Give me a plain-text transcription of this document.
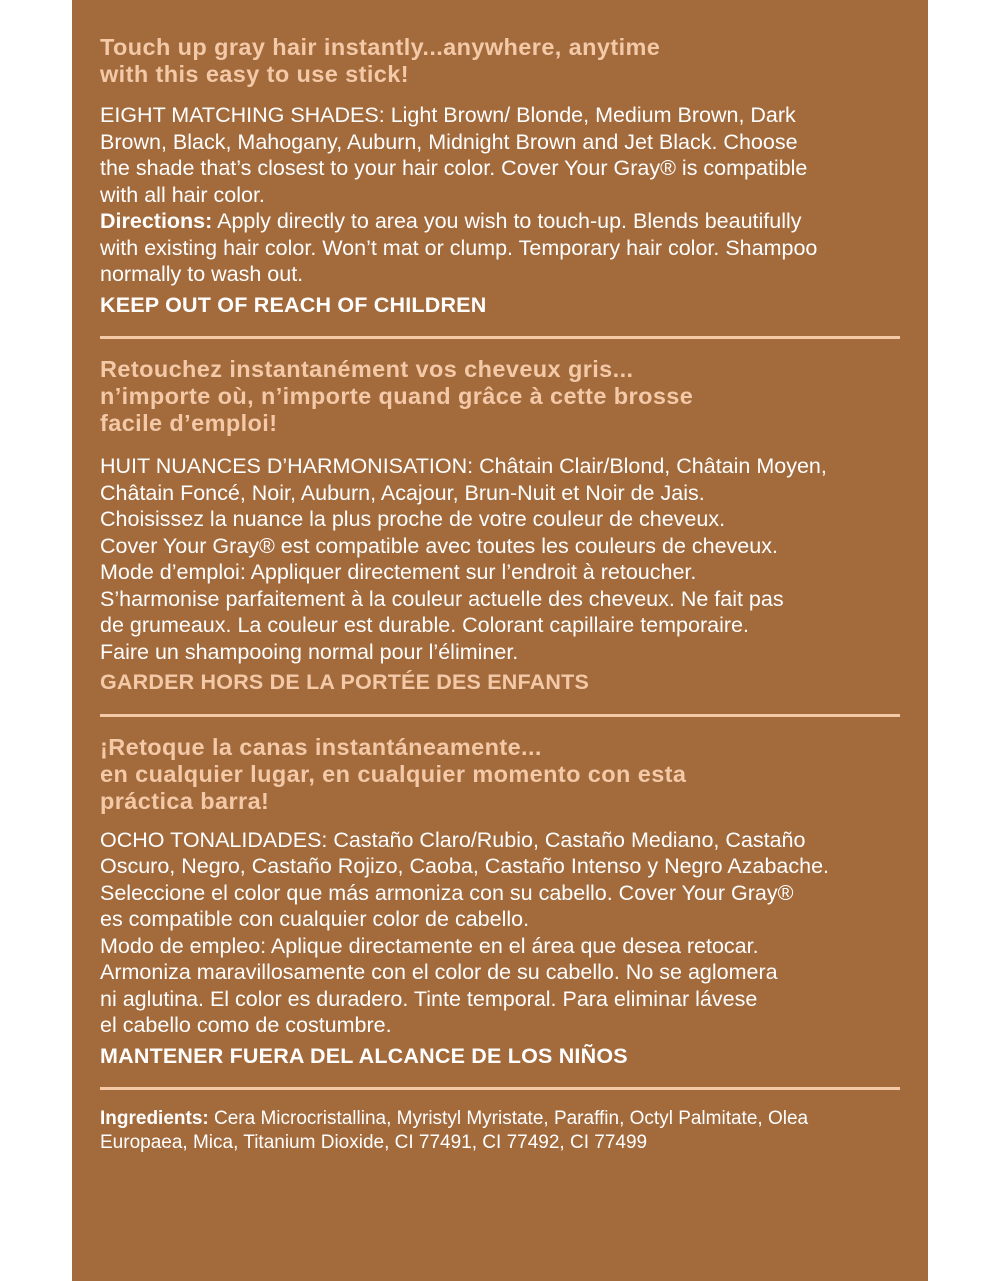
Touch up gray hair instantly...anywhere, anytime
with this easy to use stick!

EIGHT MATCHING SHADES: Light Brown/ Blonde, Medium Brown, Dark
Brown, Black, Mahogany, Auburn, Midnight Brown and Jet Black. Choose
the shade that’s closest to your hair color. Cover Your Gray® is compatible
with all hair color.

Directions: Apply directly to area you wish to touch-up. Blends beautifully
with existing hair color. Won’t mat or clump. Temporary hair color. Shampoo
normally to wash out.

KEEP OUT OF REACH OF CHILDREN

Retouchez instantanément vos cheveux gris...
n’importe où, n’importe quand grâce à cette brosse
facile d’emploi!

HUIT NUANCES D’HARMONISATION: Châtain Clair/Blond, Châtain Moyen,
Châtain Foncé, Noir, Auburn, Acajour, Brun-Nuit et Noir de Jais.
Choisissez la nuance la plus proche de votre couleur de cheveux.
Cover Your Gray® est compatible avec toutes les couleurs de cheveux.
Mode d’emploi: Appliquer directement sur l’endroit à retoucher.
S’harmonise parfaitement à la couleur actuelle des cheveux. Ne fait pas
de grumeaux. La couleur est durable. Colorant capillaire temporaire.
Faire un shampooing normal pour l’éliminer.

GARDER HORS DE LA PORTÉE DES ENFANTS

¡Retoque la canas instantáneamente...
en cualquier lugar, en cualquier momento con esta
práctica barra!

OCHO TONALIDADES: Castaño Claro/Rubio, Castaño Mediano, Castaño
Oscuro, Negro, Castaño Rojizo, Caoba, Castaño Intenso y Negro Azabache.
Seleccione el color que más armoniza con su cabello. Cover Your Gray®
es compatible con cualquier color de cabello.
Modo de empleo: Aplique directamente en el área que desea retocar.
Armoniza maravillosamente con el color de su cabello. No se aglomera
ni aglutina. El color es duradero. Tinte temporal. Para eliminar lávese
el cabello como de costumbre.

MANTENER FUERA DEL ALCANCE DE LOS NIÑOS

Ingredients: Cera Microcristallina, Myristyl Myristate, Paraffin, Octyl Palmitate, Olea
Europaea, Mica, Titanium Dioxide, CI 77491, CI 77492, CI 77499
